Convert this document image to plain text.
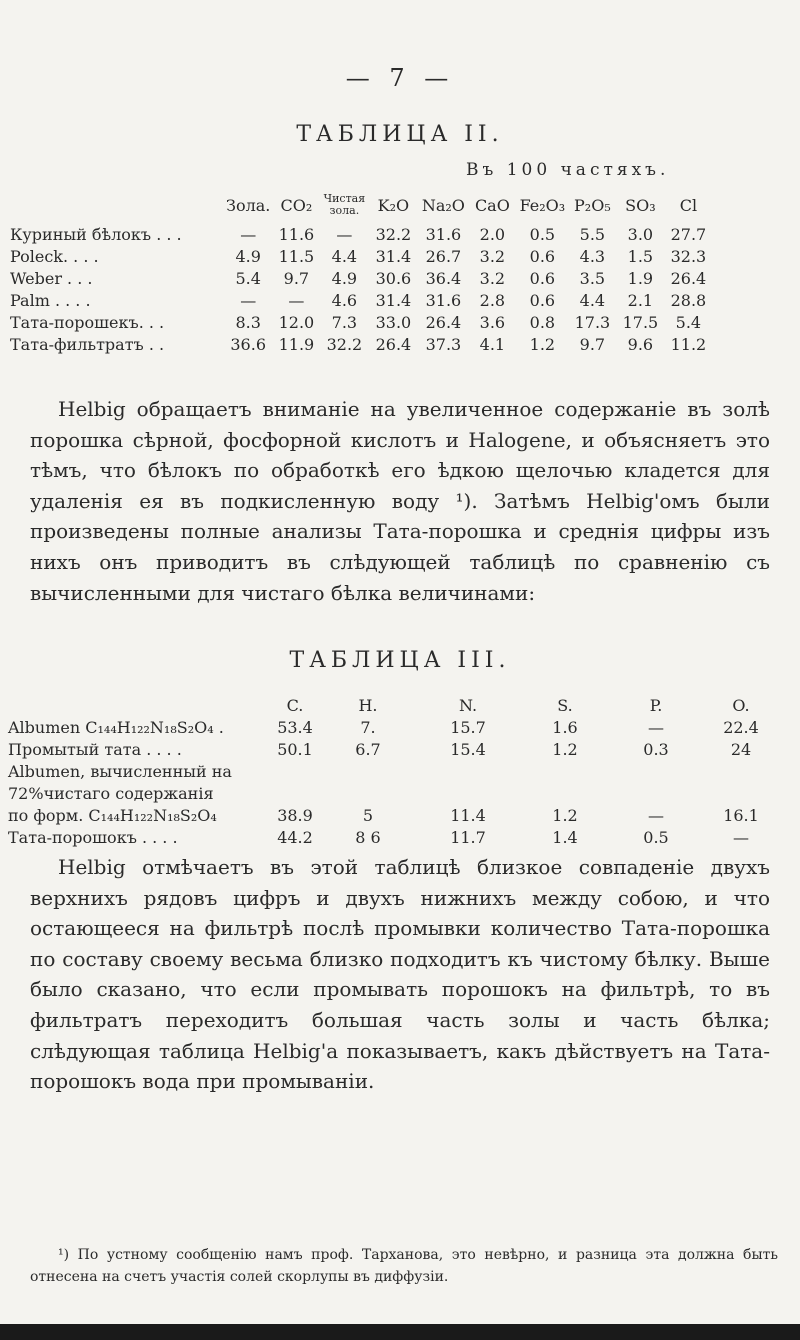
— 7 —
ТАБЛИЦА II.
Въ 100 частяхъ.
	Зола.	CO₂	Чистая зола.	K₂O	Na₂O	CaO	Fe₂O₃	P₂O₅	SO₃	Cl
Куриный бѣлокъ . . .	—	11.6	—	32.2	31.6	2.0	0.5	5.5	3.0	27.7
Poleck. . . .	4.9	11.5	4.4	31.4	26.7	3.2	0.6	4.3	1.5	32.3
Weber . . .	5.4	9.7	4.9	30.6	36.4	3.2	0.6	3.5	1.9	26.4
Palm . . . .	—	—	4.6	31.4	31.6	2.8	0.6	4.4	2.1	28.8
Тата-порошекъ. . .	8.3	12.0	7.3	33.0	26.4	3.6	0.8	17.3	17.5	5.4
Тата-фильтратъ . .	36.6	11.9	32.2	26.4	37.3	4.1	1.2	9.7	9.6	11.2

Helbig обращаетъ вниманіе на увеличенное содержаніе въ золѣ порошка сѣрной, фосфорной кислотъ и Halogene, и объясняетъ это тѣмъ, что бѣлокъ по обработкѣ его ѣдкою щелочью кладется для удаленія ея въ подкисленную воду ¹). Затѣмъ Helbig'омъ были произведены полные анализы Тата-порошка и среднія цифры изъ нихъ онъ приводитъ въ слѣдующей таблицѣ по сравненію съ вычисленными для чистаго бѣлка величинами:

ТАБЛИЦА III.
	C.	H.	N.	S.	P.	O.
Albumen C₁₄₄H₁₂₂N₁₈S₂O₄ .	53.4	7.	15.7	1.6	—	22.4
Промытый тата . . . .	50.1	6.7	15.4	1.2	0.3	24
Albumen, вычисленный на						
72%чистаго содержанія						
по форм. C₁₄₄H₁₂₂N₁₈S₂O₄	38.9	5	11.4	1.2	—	16.1
Тата-порошокъ . . . .	44.2	8 6	11.7	1.4	0.5	—

Helbig отмѣчаетъ въ этой таблицѣ близкое совпаденіе двухъ верхнихъ рядовъ цифръ и двухъ нижнихъ между собою, и что остающееся на фильтрѣ послѣ промывки количество Тата-порошка по составу своему весьма близко подходитъ къ чистому бѣлку. Выше было сказано, что если промывать порошокъ на фильтрѣ, то въ фильтратъ переходитъ большая часть золы и часть бѣлка; слѣдующая таблица Helbig'а показываетъ, какъ дѣйствуетъ на Тата-порошокъ вода при промываніи.

¹) По устному сообщенію намъ проф. Тарханова, это невѣрно, и разница эта должна быть отнесена на счетъ участія солей скорлупы въ диффузіи.
